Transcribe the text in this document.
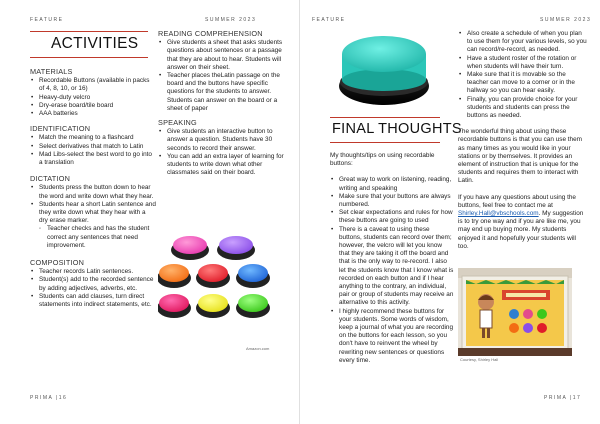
FEATURE	SUMMER 2023
ACTIVITIES
MATERIALS
• Recordable Buttons (available in packs of 4, 8, 10, or 16)
• Heavy-duty velcro
• Dry-erase board/tile board
• AAA batteries
IDENTIFICATION
• Match the meaning to a flashcard
• Select derivatives that match to Latin
• Mad Libs-select the best word to go into a translation
DICTATION
• Students press the button down to hear the word and write down what they hear.
• Students hear a short Latin sentence and they write down what they hear with a dry erase marker.
◦ Teacher checks and has the student correct any sentences that need improvement.
COMPOSITION
• Teacher records Latin sentences.
• Student(s) add to the recorded sentence by adding adjectives, adverbs, etc.
• Students can add clauses, turn direct statements into indirect statements, etc.
READING COMPREHENSION
• Give students a sheet that asks students questions about sentences or a passage that they are about to hear. Students will answer on their sheet.
• Teacher places theLatin passage on the board and the buttons have specific questions for the students to answer. Students can answer on the board or a sheet of paper
SPEAKING
• Give students an interactive button to answer a question. Students have 30 seconds to record their answer.
• You can add an extra layer of learning for students to write down what other classmates said on their board.
Amazon.com
PRIMA |16
FEATURE	SUMMER 2023
FINAL THOUGHTS
My thoughts/tips on using recordable buttons:
• Great way to work on listening, reading, writing and speaking
• Make sure that your buttons are always numbered.
• Set clear expectations and rules for how these buttons are going to used
• There is a caveat to using these buttons, students can record over them; however, the velcro will let you know that they are taking it off the board and that is the only way to re-record. I also let the students know that I know what is recorded on each button and if I hear anything to the contrary, an individual, pair or group of students may receive an alternative to this activity.
• I highly recommend these buttons for your students. Some words of wisdom, keep a journal of what you are recording on the buttons for each lesson, so you don't have to reinvent the wheel by rewriting new sentences or questions every time.
• Also create a schedule of when you plan to use them for your various levels, so you can record/re-record, as needed.
• Have a student roster of the rotation or when students will have their turn.
• Make sure that it is movable so the teacher can move to a corner or in the hallway so you can hear easily.
• Finally, you can provide choice for your students and students can press the buttons as needed.
The wonderful thing about using these recordable buttons is that you can use them as many times as you would like in your stations or by themselves. It provides an element of instruction that is unique for the students and requires them to interact with Latin.
If you have any questions about using the buttons, feel free to contact me at Shirley.Hall@vbschools.com. My suggestion is to try one way and if you are like me, you may end up buying more. My students enjoyed it and hopefully your students will too.
Courtesy, Shirley Hall
PRIMA |17
